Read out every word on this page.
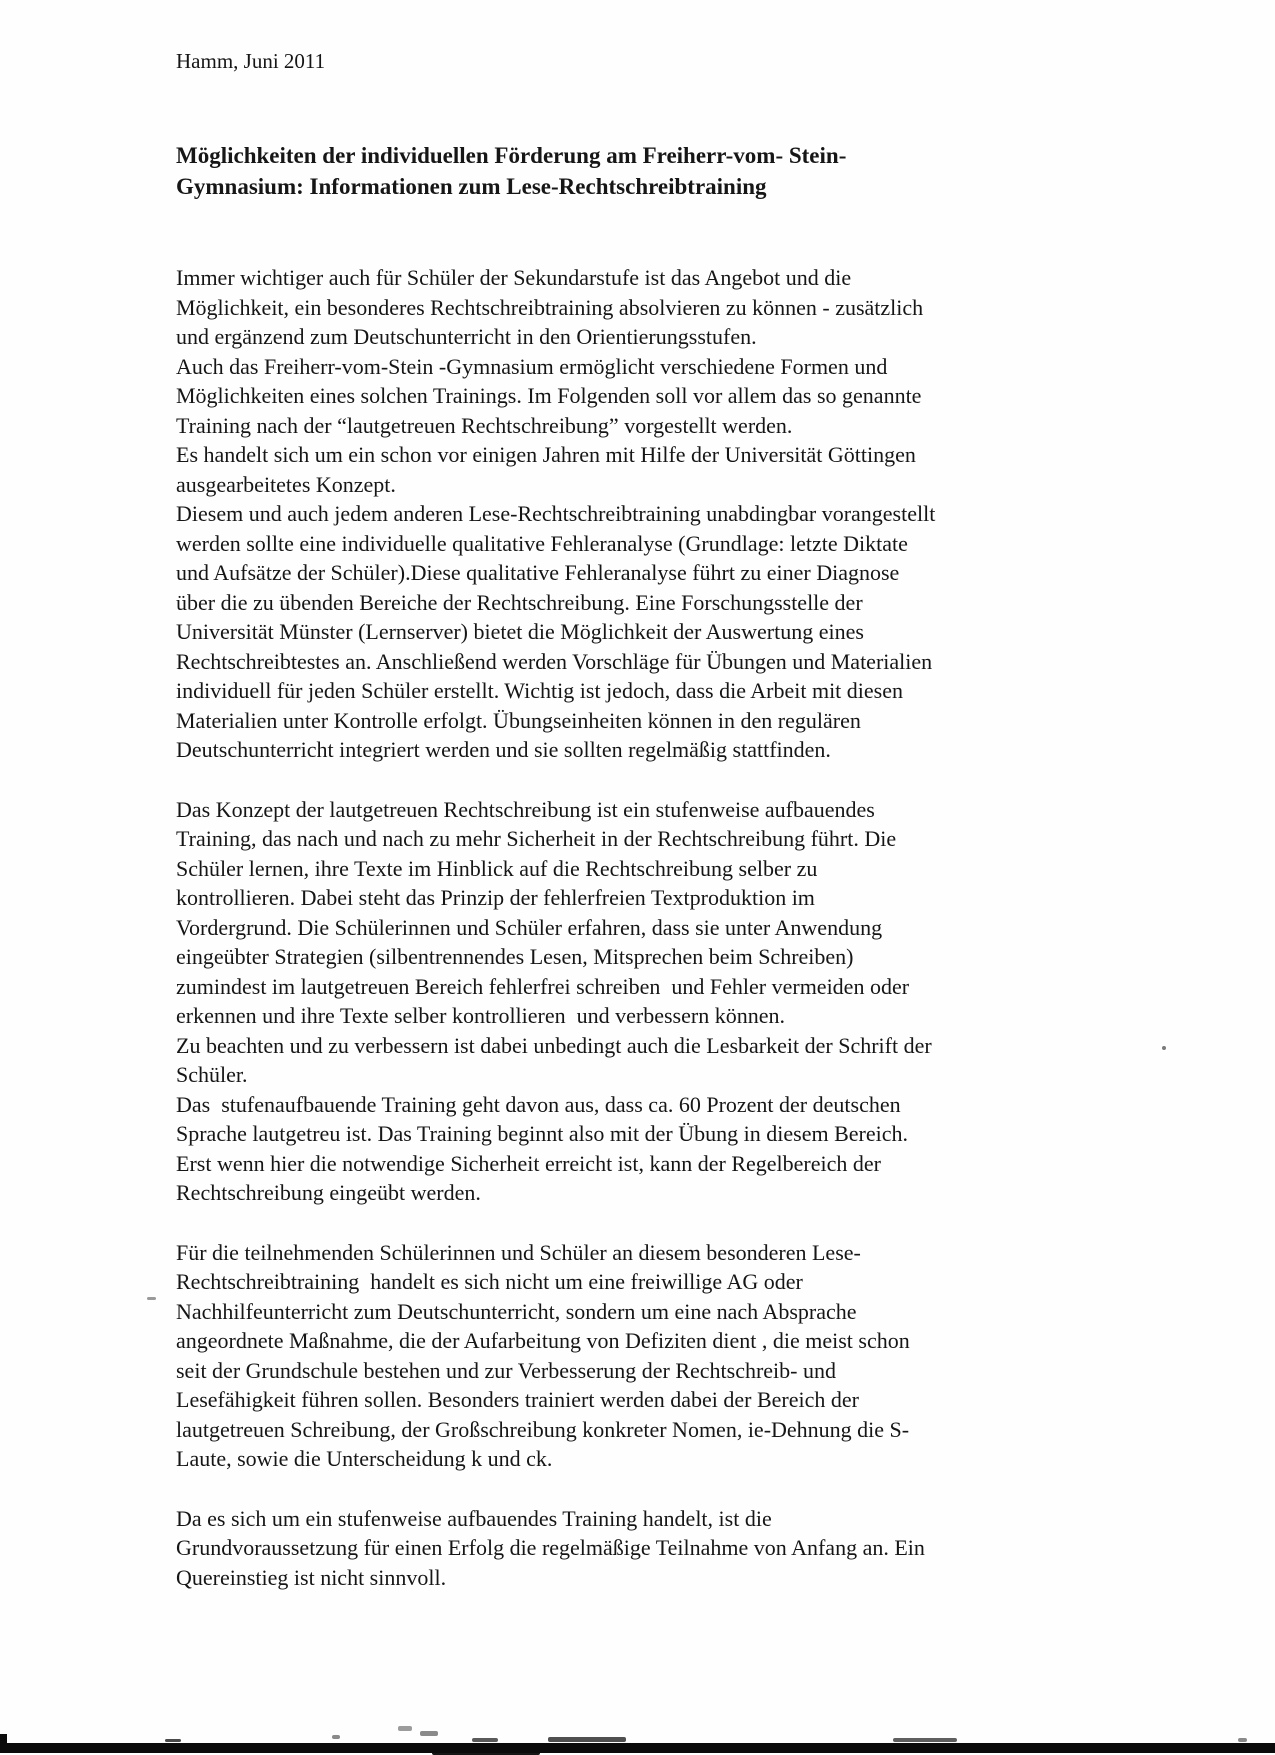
Hamm, Juni 2011
Möglichkeiten der individuellen Förderung am Freiherr-vom- Stein-
Gymnasium: Informationen zum Lese-Rechtschreibtraining
Immer wichtiger auch für Schüler der Sekundarstufe ist das Angebot und die
Möglichkeit, ein besonderes Rechtschreibtraining absolvieren zu können - zusätzlich
und ergänzend zum Deutschunterricht in den Orientierungsstufen.
Auch das Freiherr-vom-Stein -Gymnasium ermöglicht verschiedene Formen und
Möglichkeiten eines solchen Trainings. Im Folgenden soll vor allem das so genannte
Training nach der “lautgetreuen Rechtschreibung” vorgestellt werden.
Es handelt sich um ein schon vor einigen Jahren mit Hilfe der Universität Göttingen
ausgearbeitetes Konzept.
Diesem und auch jedem anderen Lese-Rechtschreibtraining unabdingbar vorangestellt
werden sollte eine individuelle qualitative Fehleranalyse (Grundlage: letzte Diktate
und Aufsätze der Schüler).Diese qualitative Fehleranalyse führt zu einer Diagnose
über die zu übenden Bereiche der Rechtschreibung. Eine Forschungsstelle der
Universität Münster (Lernserver) bietet die Möglichkeit der Auswertung eines
Rechtschreibtestes an. Anschließend werden Vorschläge für Übungen und Materialien
individuell für jeden Schüler erstellt. Wichtig ist jedoch, dass die Arbeit mit diesen
Materialien unter Kontrolle erfolgt. Übungseinheiten können in den regulären
Deutschunterricht integriert werden und sie sollten regelmäßig stattfinden.
Das Konzept der lautgetreuen Rechtschreibung ist ein stufenweise aufbauendes
Training, das nach und nach zu mehr Sicherheit in der Rechtschreibung führt. Die
Schüler lernen, ihre Texte im Hinblick auf die Rechtschreibung selber zu
kontrollieren. Dabei steht das Prinzip der fehlerfreien Textproduktion im
Vordergrund. Die Schülerinnen und Schüler erfahren, dass sie unter Anwendung
eingeübter Strategien (silbentrennendes Lesen, Mitsprechen beim Schreiben)
zumindest im lautgetreuen Bereich fehlerfrei schreiben  und Fehler vermeiden oder
erkennen und ihre Texte selber kontrollieren  und verbessern können.
Zu beachten und zu verbessern ist dabei unbedingt auch die Lesbarkeit der Schrift der
Schüler.
Das  stufenaufbauende Training geht davon aus, dass ca. 60 Prozent der deutschen
Sprache lautgetreu ist. Das Training beginnt also mit der Übung in diesem Bereich.
Erst wenn hier die notwendige Sicherheit erreicht ist, kann der Regelbereich der
Rechtschreibung eingeübt werden.
Für die teilnehmenden Schülerinnen und Schüler an diesem besonderen Lese-
Rechtschreibtraining  handelt es sich nicht um eine freiwillige AG oder
Nachhilfeunterricht zum Deutschunterricht, sondern um eine nach Absprache
angeordnete Maßnahme, die der Aufarbeitung von Defiziten dient , die meist schon
seit der Grundschule bestehen und zur Verbesserung der Rechtschreib- und
Lesefähigkeit führen sollen. Besonders trainiert werden dabei der Bereich der
lautgetreuen Schreibung, der Großschreibung konkreter Nomen, ie-Dehnung die S-
Laute, sowie die Unterscheidung k und ck.
Da es sich um ein stufenweise aufbauendes Training handelt, ist die
Grundvoraussetzung für einen Erfolg die regelmäßige Teilnahme von Anfang an. Ein
Quereinstieg ist nicht sinnvoll.
